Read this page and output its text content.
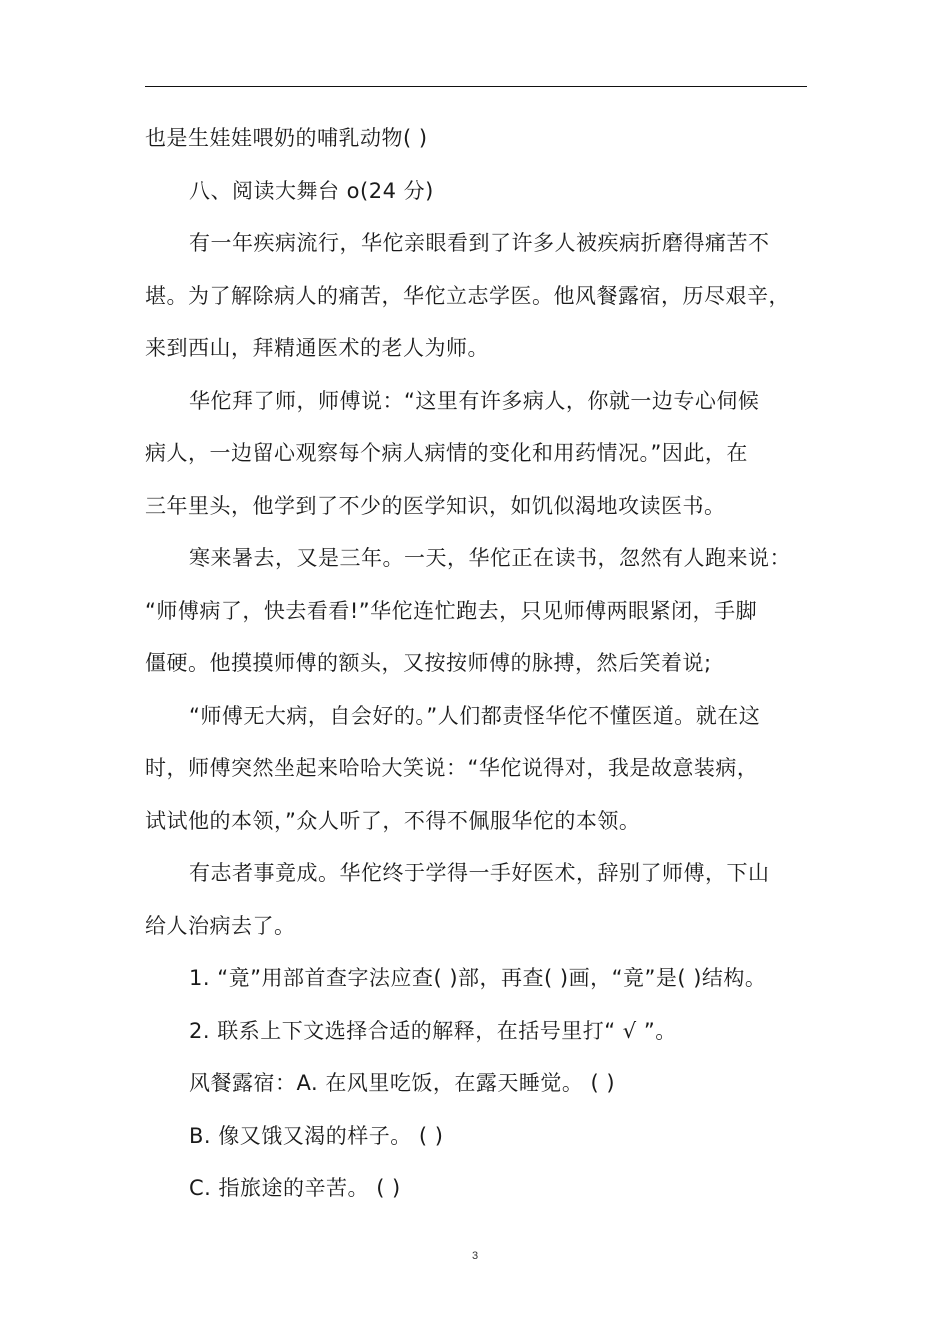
也是生娃娃喂奶的哺乳动物( )
八、阅读大舞台 o(24 分)
有一年疾病流行，华佗亲眼看到了许多人被疾病折磨得痛苦不
堪。为了解除病人的痛苦，华佗立志学医。他风餐露宿，历尽艰辛，
来到西山，拜精通医术的老人为师。
华佗拜了师，师傅说：“这里有许多病人，你就一边专心伺候
病人，一边留心观察每个病人病情的变化和用药情况。”因此，在
三年里头，他学到了不少的医学知识，如饥似渴地攻读医书。
寒来暑去，又是三年。一天，华佗正在读书，忽然有人跑来说：
“师傅病了，快去看看!”华佗连忙跑去，只见师傅两眼紧闭，手脚
僵硬。他摸摸师傅的额头，又按按师傅的脉搏，然后笑着说;
“师傅无大病，自会好的。”人们都责怪华佗不懂医道。就在这
时，师傅突然坐起来哈哈大笑说：“华佗说得对，我是故意装病，
试试他的本领，”众人听了，不得不佩服华佗的本领。
有志者事竟成。华佗终于学得一手好医术，辞别了师傅，下山
给人治病去了。
1. “竟”用部首查字法应查( )部，再查( )画，“竟”是( )结构。
2. 联系上下文选择合适的解释，在括号里打“ √ ”。
风餐露宿：A. 在风里吃饭，在露天睡觉。 ( )
B. 像又饿又渴的样子。 ( )
C. 指旅途的辛苦。 ( )
3
